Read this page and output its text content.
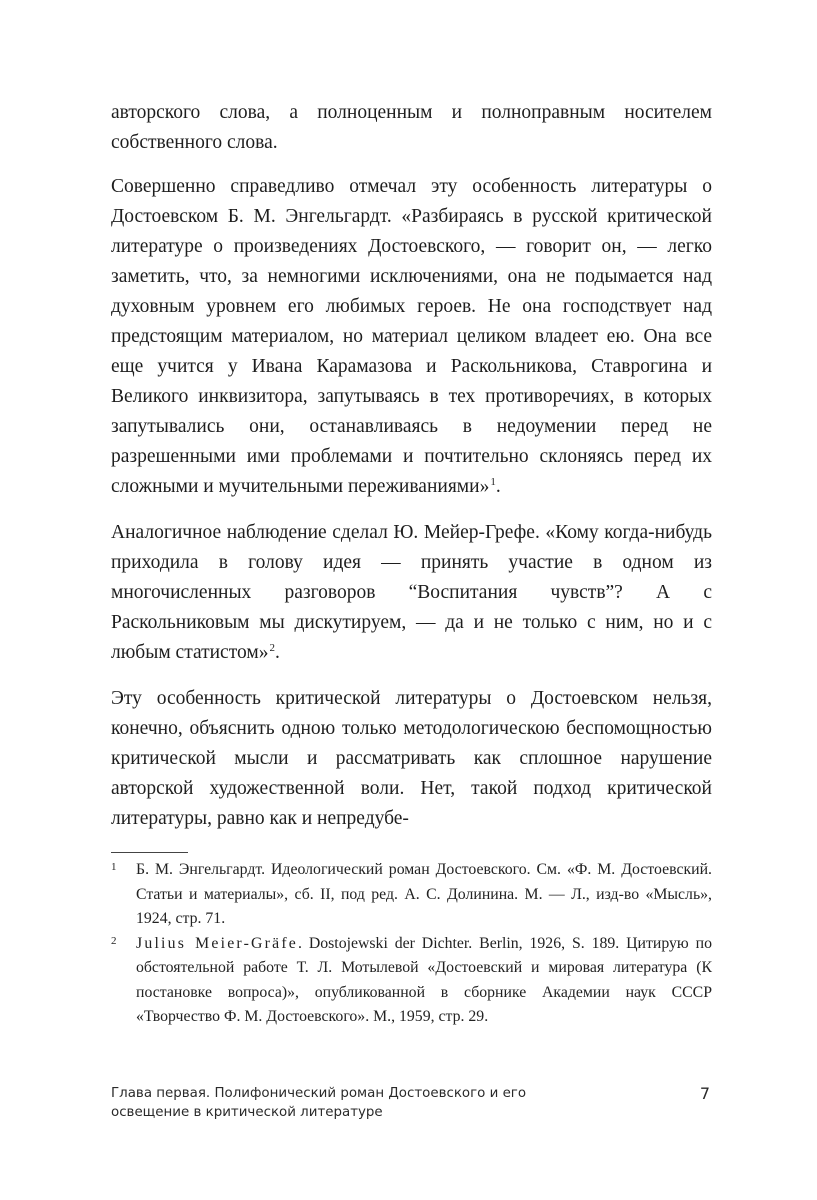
авторского слова, а полноценным и полноправным носителем собственного слова.

Совершенно справедливо отмечал эту особенность литературы о Достоевском Б. М. Энгельгардт. «Разбираясь в русской критической литературе о произведениях Достоевского, — говорит он, — легко заметить, что, за немногими исключениями, она не подымается над духовным уровнем его любимых героев. Не она господствует над предстоящим материалом, но материал целиком владеет ею. Она все еще учится у Ивана Карамазова и Раскольникова, Ставрогина и Великого инквизитора, запутываясь в тех противоречиях, в которых запутывались они, останавливаясь в недоумении перед не разрешенными ими проблемами и почтительно склоняясь перед их сложными и мучительными переживаниями»$^1$.

Аналогичное наблюдение сделал Ю. Мейер-Грефе. «Кому когда-нибудь приходила в голову идея — принять участие в одном из многочисленных разговоров “Воспитания чувств”? А с Раскольниковым мы дискутируем, — да и не только с ним, но и с любым статистом»$^2$.

Эту особенность критической литературы о Достоевском нельзя, конечно, объяснить одною только методологическою беспомощностью критической мысли и рассматривать как сплошное нарушение авторской художественной воли. Нет, такой подход критической литературы, равно как и непредубе-

1 Б. М. Энгельгардт. Идеологический роман Достоевского. См. «Ф. М. Достоевский. Статьи и материалы», сб. II, под ред. А. С. Долинина. М. — Л., изд-во «Мысль», 1924, стр. 71.
2 Julius Meier-Gräfe. Dostojewski der Dichter. Berlin, 1926, S. 189. Цитирую по обстоятельной работе Т. Л. Мотылевой «Достоевский и мировая литература (К постановке вопроса)», опубликованной в сборнике Академии наук СССР «Творчество Ф. М. Достоевского». М., 1959, стр. 29.
Глава первая. Полифонический роман Достоевского и его освещение в критической литературе
7
